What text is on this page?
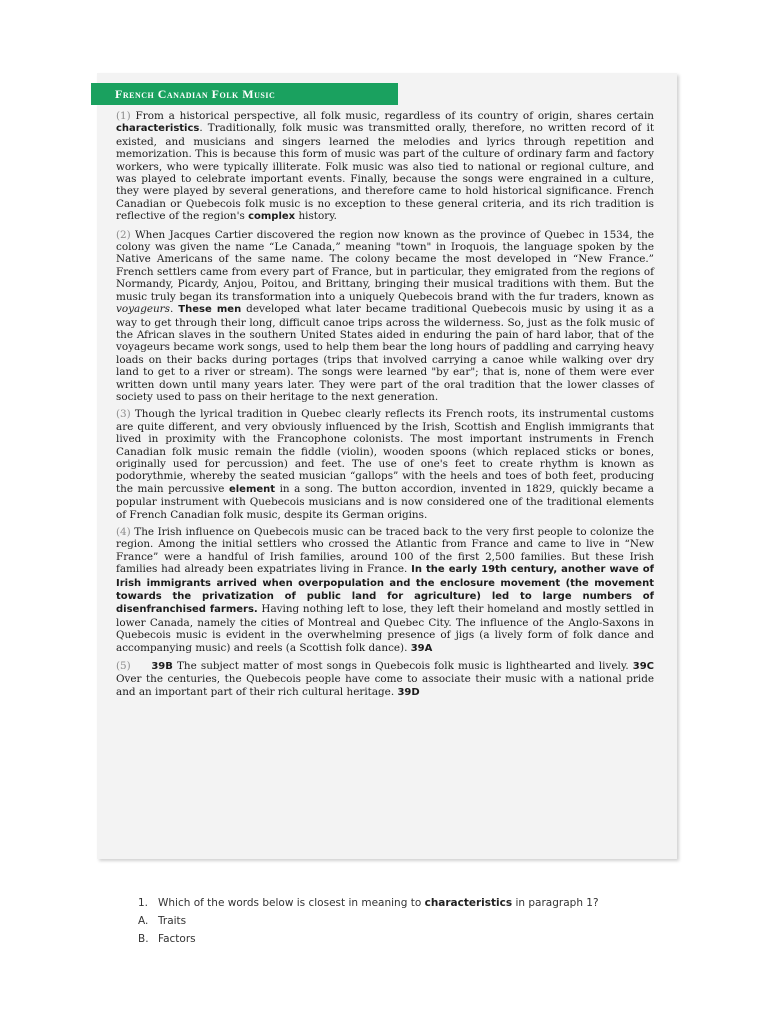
French Canadian Folk Music

(1) From a historical perspective, all folk music, regardless of its country of origin, shares certain characteristics. Traditionally, folk music was transmitted orally, therefore, no written record of it existed, and musicians and singers learned the melodies and lyrics through repetition and memorization. This is because this form of music was part of the culture of ordinary farm and factory workers, who were typically illiterate. Folk music was also tied to national or regional culture, and was played to celebrate important events. Finally, because the songs were engrained in a culture, they were played by several generations, and therefore came to hold historical significance. French Canadian or Quebecois folk music is no exception to these general criteria, and its rich tradition is reflective of the region's complex history.

(2) When Jacques Cartier discovered the region now known as the province of Quebec in 1534, the colony was given the name “Le Canada,” meaning "town" in Iroquois, the language spoken by the Native Americans of the same name. The colony became the most developed in “New France.” French settlers came from every part of France, but in particular, they emigrated from the regions of Normandy, Picardy, Anjou, Poitou, and Brittany, bringing their musical traditions with them. But the music truly began its transformation into a uniquely Quebecois brand with the fur traders, known as voyageurs. These men developed what later became traditional Quebecois music by using it as a way to get through their long, difficult canoe trips across the wilderness. So, just as the folk music of the African slaves in the southern United States aided in enduring the pain of hard labor, that of the voyageurs became work songs, used to help them bear the long hours of paddling and carrying heavy loads on their backs during portages (trips that involved carrying a canoe while walking over dry land to get to a river or stream). The songs were learned "by ear"; that is, none of them were ever written down until many years later. They were part of the oral tradition that the lower classes of society used to pass on their heritage to the next generation.

(3) Though the lyrical tradition in Quebec clearly reflects its French roots, its instrumental customs are quite different, and very obviously influenced by the Irish, Scottish and English immigrants that lived in proximity with the Francophone colonists. The most important instruments in French Canadian folk music remain the fiddle (violin), wooden spoons (which replaced sticks or bones, originally used for percussion) and feet. The use of one's feet to create rhythm is known as podorythmie, whereby the seated musician “gallops” with the heels and toes of both feet, producing the main percussive element in a song. The button accordion, invented in 1829, quickly became a popular instrument with Quebecois musicians and is now considered one of the traditional elements of French Canadian folk music, despite its German origins.

(4) The Irish influence on Quebecois music can be traced back to the very first people to colonize the region. Among the initial settlers who crossed the Atlantic from France and came to live in “New France” were a handful of Irish families, around 100 of the first 2,500 families. But these Irish families had already been expatriates living in France. In the early 19th century, another wave of Irish immigrants arrived when overpopulation and the enclosure movement (the movement towards the privatization of public land for agriculture) led to large numbers of disenfranchised farmers. Having nothing left to lose, they left their homeland and mostly settled in lower Canada, namely the cities of Montreal and Quebec City. The influence of the Anglo-Saxons in Quebecois music is evident in the overwhelming presence of jigs (a lively form of folk dance and accompanying music) and reels (a Scottish folk dance). 39A

(5) 39B The subject matter of most songs in Quebecois folk music is lighthearted and lively. 39C Over the centuries, the Quebecois people have come to associate their music with a national pride and an important part of their rich cultural heritage. 39D

1. Which of the words below is closest in meaning to characteristics in paragraph 1?
A. Traits
B. Factors
